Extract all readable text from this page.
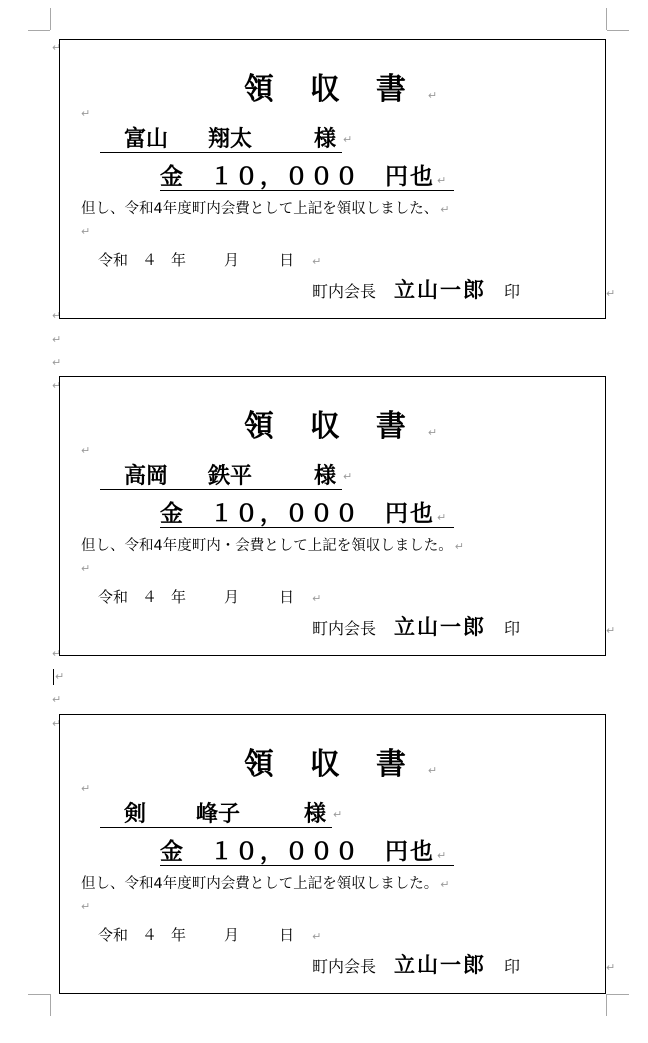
↵
↵
↵
↵
↵
↵
↵
↵
↵
領 収 書 ↵
↵
富山 翔太	様 ↵
金　１０，０００　円也 ↵
但し、令和4年度町内会費として上記を領収しました、 ↵
↵
令和 ４ 年	月	日 ↵
町内会長 立山一郎 印	↵
領 収 書 ↵
↵
高岡 鉄平	様 ↵
金　１０，０００　円也 ↵
但し、令和4年度町内・会費として上記を領収しました。 ↵
↵
令和 ４ 年	月	日 ↵
町内会長 立山一郎 印	↵
領 収 書 ↵
↵
剣 峰子	様 ↵
金　１０，０００　円也 ↵
但し、令和4年度町内会費として上記を領収しました。 ↵
↵
令和 ４ 年	月	日 ↵
町内会長 立山一郎 印	↵
